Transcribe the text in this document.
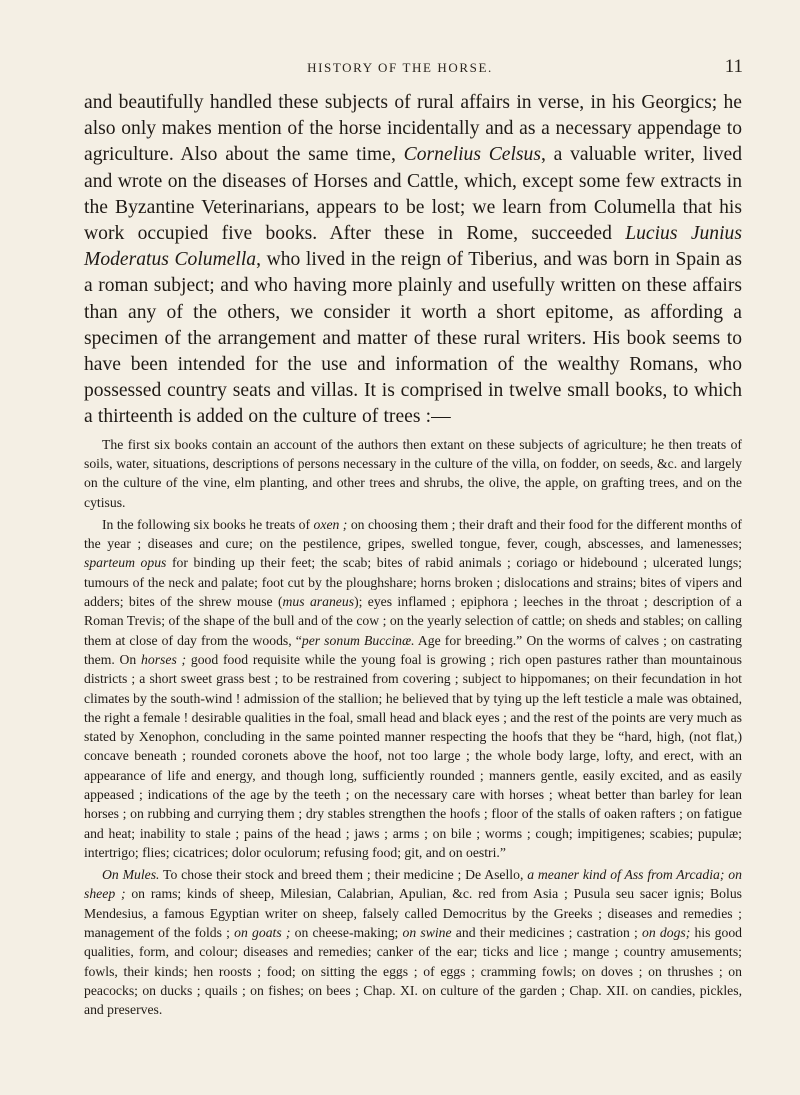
HISTORY OF THE HORSE.	11

and beautifully handled these subjects of rural affairs in verse, in his Georgics; he also only makes mention of the horse incidentally and as a necessary appendage to agriculture. Also about the same time, Cornelius Celsus, a valuable writer, lived and wrote on the diseases of Horses and Cattle, which, except some few extracts in the Byzantine Veterinarians, appears to be lost; we learn from Columella that his work occupied five books. After these in Rome, succeeded Lucius Junius Moderatus Columella, who lived in the reign of Tiberius, and was born in Spain as a roman subject; and who having more plainly and usefully written on these affairs than any of the others, we consider it worth a short epitome, as affording a specimen of the arrangement and matter of these rural writers. His book seems to have been intended for the use and information of the wealthy Romans, who possessed country seats and villas. It is comprised in twelve small books, to which a thirteenth is added on the culture of trees :—

The first six books contain an account of the authors then extant on these subjects of agriculture; he then treats of soils, water, situations, descriptions of persons necessary in the culture of the villa, on fodder, on seeds, &c. and largely on the culture of the vine, elm planting, and other trees and shrubs, the olive, the apple, on grafting trees, and on the cytisus.

In the following six books he treats of oxen ; on choosing them ; their draft and their food for the different months of the year ; diseases and cure; on the pestilence, gripes, swelled tongue, fever, cough, abscesses, and lamenesses; sparteum opus for binding up their feet; the scab; bites of rabid animals ; coriago or hidebound ; ulcerated lungs; tumours of the neck and palate; foot cut by the ploughshare; horns broken ; dislocations and strains; bites of vipers and adders; bites of the shrew mouse (mus araneus); eyes inflamed ; epiphora ; leeches in the throat ; description of a Roman Trevis; of the shape of the bull and of the cow ; on the yearly selection of cattle; on sheds and stables; on calling them at close of day from the woods, “per sonum Buccinæ. Age for breeding.” On the worms of calves ; on castrating them. On horses ; good food requisite while the young foal is growing ; rich open pastures rather than mountainous districts ; a short sweet grass best ; to be restrained from covering ; subject to hippomanes; on their fecundation in hot climates by the south-wind ! admission of the stallion; he believed that by tying up the left testicle a male was obtained, the right a female ! desirable qualities in the foal, small head and black eyes ; and the rest of the points are very much as stated by Xenophon, concluding in the same pointed manner respecting the hoofs that they be “hard, high, (not flat,) concave beneath ; rounded coronets above the hoof, not too large ; the whole body large, lofty, and erect, with an appearance of life and energy, and though long, sufficiently rounded ; manners gentle, easily excited, and as easily appeased ; indications of the age by the teeth ; on the necessary care with horses ; wheat better than barley for lean horses ; on rubbing and currying them ; dry stables strengthen the hoofs ; floor of the stalls of oaken rafters ; on fatigue and heat; inability to stale ; pains of the head ; jaws ; arms ; on bile ; worms ; cough; impitigenes; scabies; pupulæ; intertrigo; flies; cicatrices; dolor oculorum; refusing food; git, and on oestri.”

On Mules. To chose their stock and breed them ; their medicine ; De Asello, a meaner kind of Ass from Arcadia; on sheep ; on rams; kinds of sheep, Milesian, Calabrian, Apulian, &c. red from Asia ; Pusula seu sacer ignis; Bolus Mendesius, a famous Egyptian writer on sheep, falsely called Democritus by the Greeks ; diseases and remedies ; management of the folds ; on goats ; on cheese-making; on swine and their medicines ; castration ; on dogs; his good qualities, form, and colour; diseases and remedies; canker of the ear; ticks and lice ; mange ; country amusements; fowls, their kinds; hen roosts ; food; on sitting the eggs ; of eggs ; cramming fowls; on doves ; on thrushes ; on peacocks; on ducks ; quails ; on fishes; on bees ; Chap. XI. on culture of the garden ; Chap. XII. on candies, pickles, and preserves.
